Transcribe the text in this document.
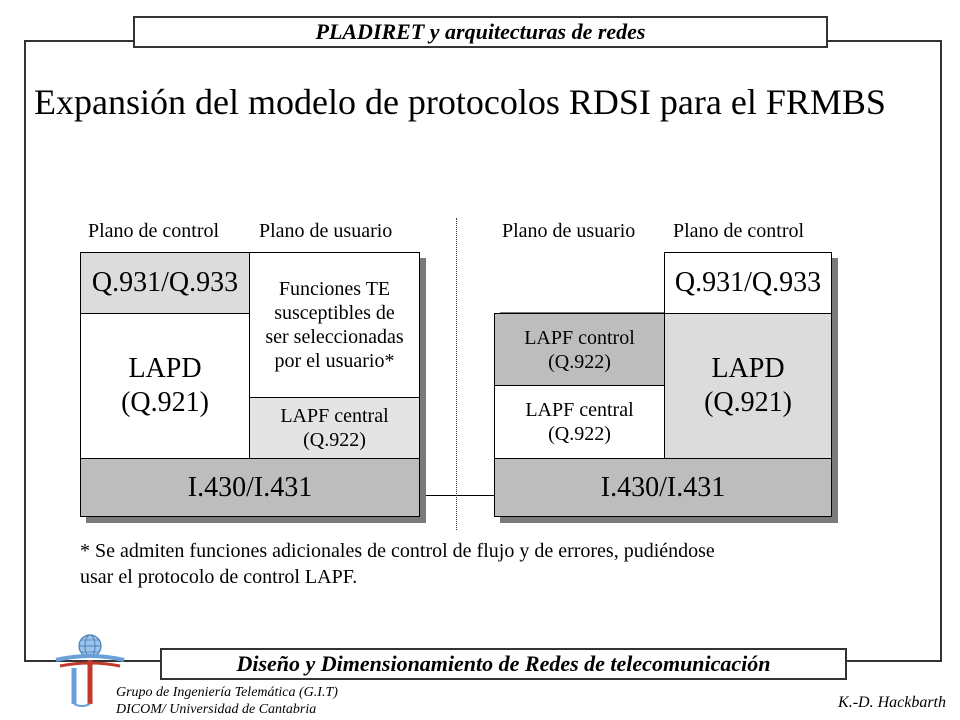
PLADIRET y arquitecturas de redes
Expansión del modelo de protocolos RDSI para el FRMBS
Plano de control Plano de usuario
Q.931/Q.933
LAPD
(Q.921)
Funciones TE
susceptibles de
ser seleccionadas
por el usuario*
LAPF central
(Q.922)
I.430/I.431
Plano de usuario Plano de control
Q.931/Q.933
LAPF control
(Q.922)
LAPF central
(Q.922)
LAPD
(Q.921)
I.430/I.431
* Se admiten funciones adicionales de control de flujo y de errores, pudiéndose
usar el protocolo de control LAPF.
Diseño y Dimensionamiento de Redes de telecomunicación
Grupo de Ingeniería Telemática (G.I.T)
DICOM/ Universidad de Cantabria	K.-D. Hackbarth
